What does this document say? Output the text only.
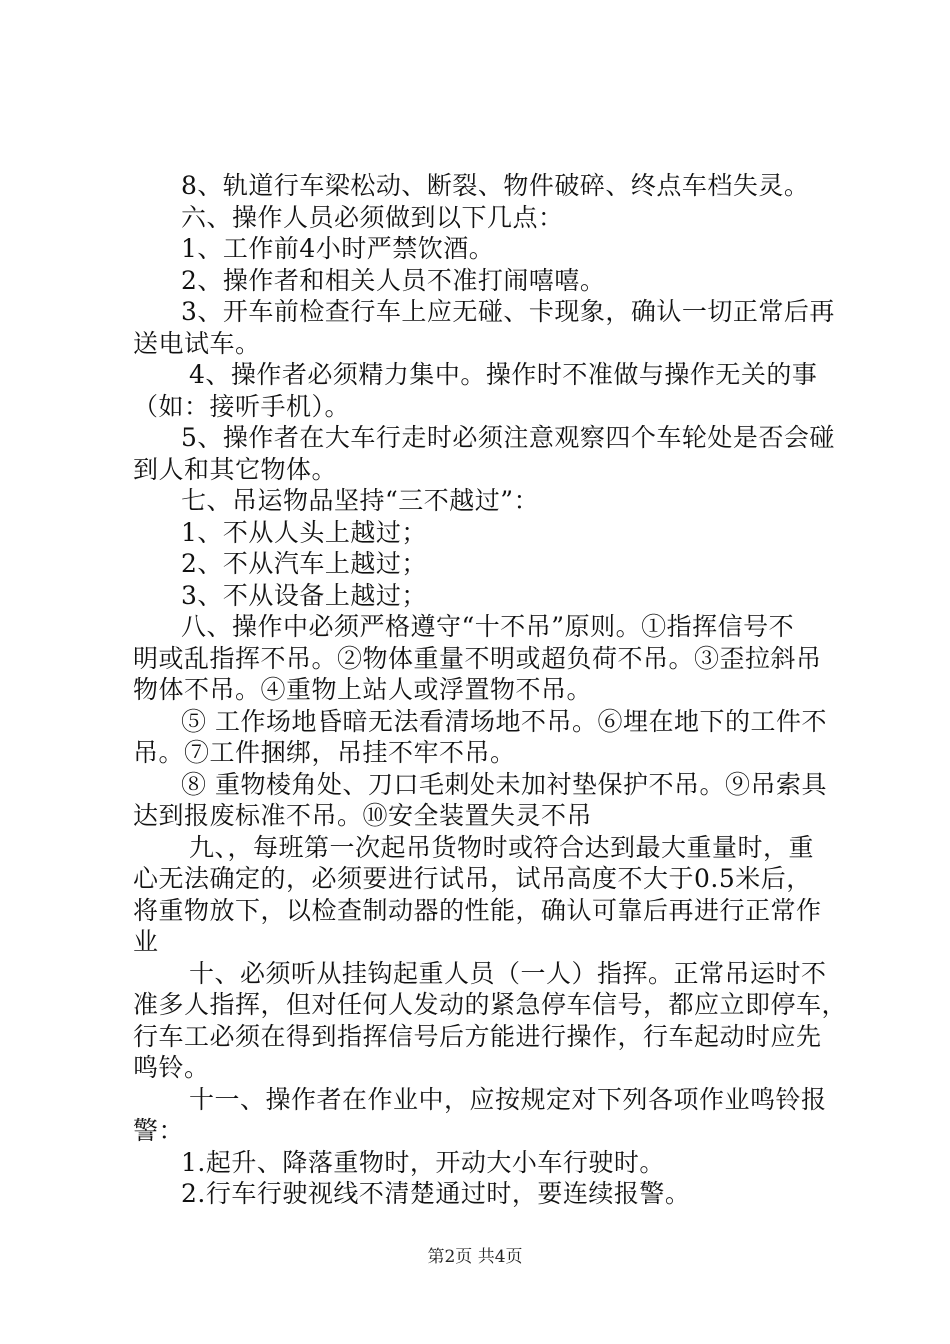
8、轨道行车梁松动、断裂、物件破碎、终点车档失灵。
六、操作人员必须做到以下几点：
1、工作前4小时严禁饮酒。
2、操作者和相关人员不准打闹嘻嘻。
3、开车前检查行车上应无碰、卡现象，确认一切正常后再
送电试车。
4、操作者必须精力集中。操作时不准做与操作无关的事
（如：接听手机）。
5、操作者在大车行走时必须注意观察四个车轮处是否会碰
到人和其它物体。
七、吊运物品坚持“三不越过”：
1、不从人头上越过；
2、不从汽车上越过；
3、不从设备上越过；
八、操作中必须严格遵守“十不吊”原则。①指挥信号不
明或乱指挥不吊。②物体重量不明或超负荷不吊。③歪拉斜吊
物体不吊。④重物上站人或浮置物不吊。
⑤ 工作场地昏暗无法看清场地不吊。⑥埋在地下的工件不
吊。⑦工件捆绑，吊挂不牢不吊。
⑧ 重物棱角处、刀口毛刺处未加衬垫保护不吊。⑨吊索具
达到报废标准不吊。⑩安全装置失灵不吊
九、，每班第一次起吊货物时或符合达到最大重量时，重
心无法确定的，必须要进行试吊，试吊高度不大于0.5米后，
将重物放下，以检查制动器的性能，确认可靠后再进行正常作
业
十、必须听从挂钩起重人员（一人）指挥。正常吊运时不
准多人指挥，但对任何人发动的紧急停车信号，都应立即停车，
行车工必须在得到指挥信号后方能进行操作，行车起动时应先
鸣铃。
十一、操作者在作业中，应按规定对下列各项作业鸣铃报
警：
1.起升、降落重物时，开动大小车行驶时。
2.行车行驶视线不清楚通过时，要连续报警。
第2页 共4页
